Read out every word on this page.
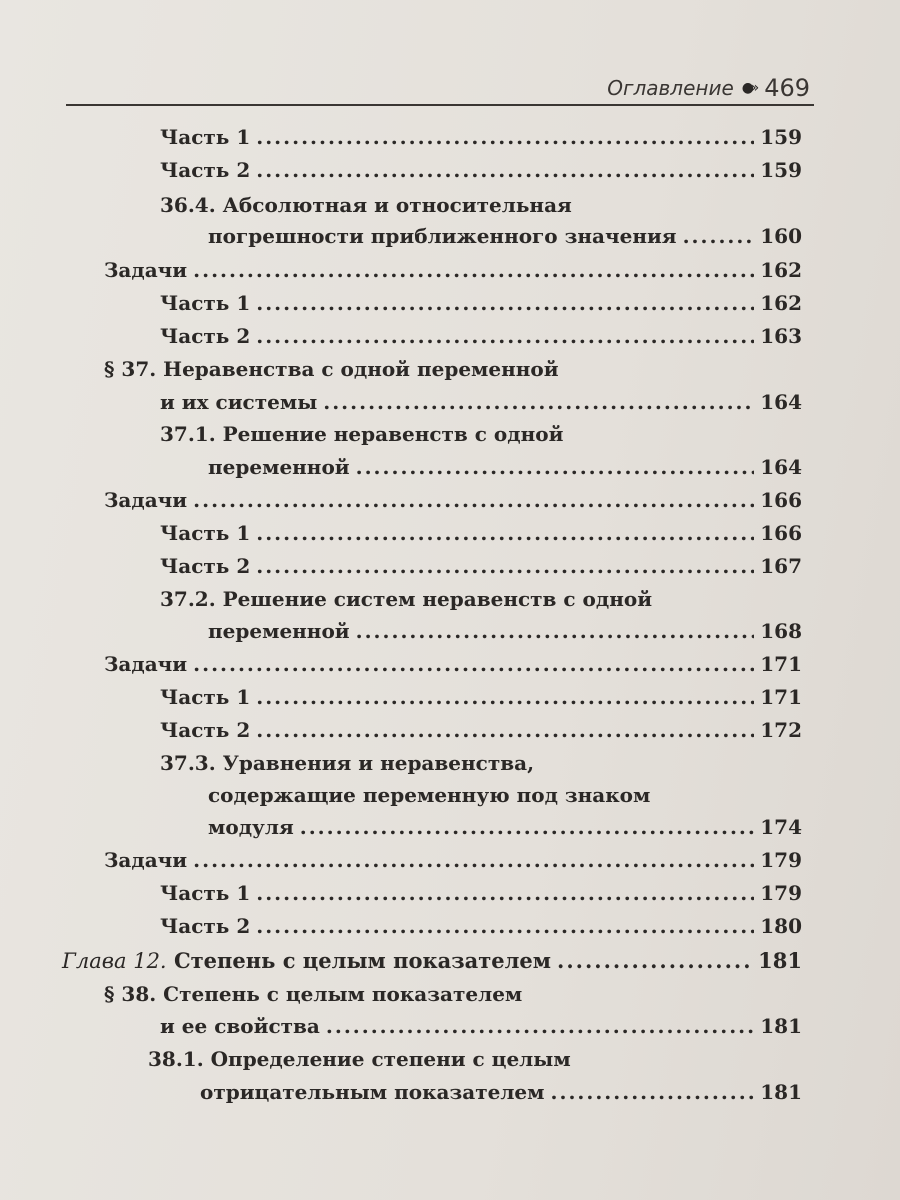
Оглавление ●›› 469
Часть 1 .....	159
Часть 2 .....	159
36.4. Абсолютная и относительная
погрешности приближенного значения .....	160
Задачи .....	162
Часть 1 .....	162
Часть 2 .....	163
§ 37. Неравенства с одной переменной
и их системы .....	164
37.1. Решение неравенств с одной
переменной .....	164
Задачи .....	166
Часть 1 .....	166
Часть 2 .....	167
37.2. Решение систем неравенств с одной
переменной .....	168
Задачи .....	171
Часть 1 .....	171
Часть 2 .....	172
37.3. Уравнения и неравенства,
содержащие переменную под знаком
модуля .....	174
Задачи .....	179
Часть 1 .....	179
Часть 2 .....	180
Глава 12. Степень с целым показателем .....	181
§ 38. Степень с целым показателем
и ее свойства .....	181
38.1. Определение степени с целым
отрицательным показателем .....	181
